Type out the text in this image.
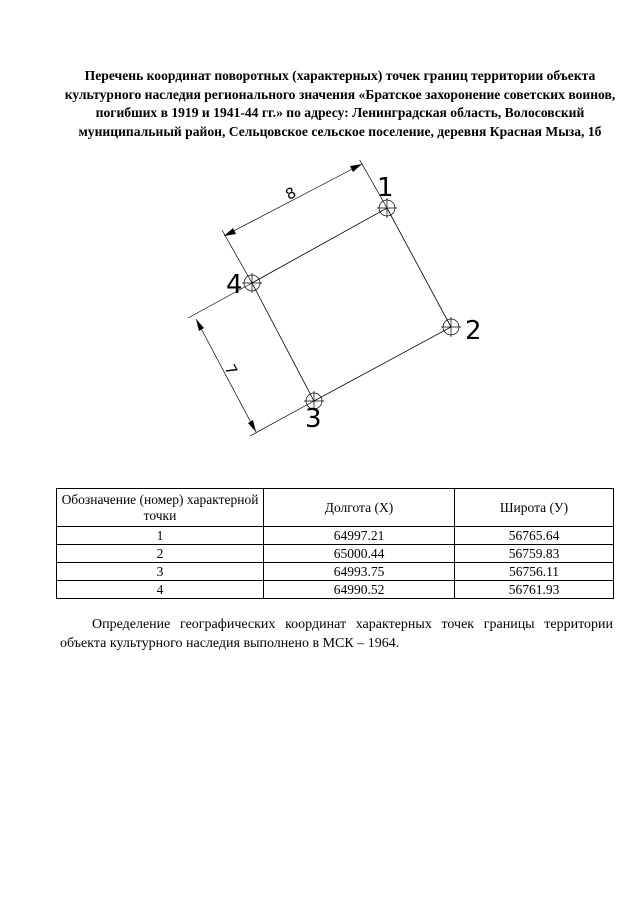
Перечень координат поворотных (характерных) точек границ территории объекта культурного наследия регионального значения «Братское захоронение советских воинов, погибших в 1919 и 1941-44 гг.» по адресу: Ленинградская область, Волосовский муниципальный район, Сельцовское сельское поселение, деревня Красная Мыза, 1б

1
2
3
4
8
7
Обозначение (номер) характерной точки	Долгота (X)	Широта (У)
1	64997.21	56765.64
2	65000.44	56759.83
3	64993.75	56756.11
4	64990.52	56761.93

Определение географических координат характерных точек границы территории объекта культурного наследия выполнено в МСК – 1964.
